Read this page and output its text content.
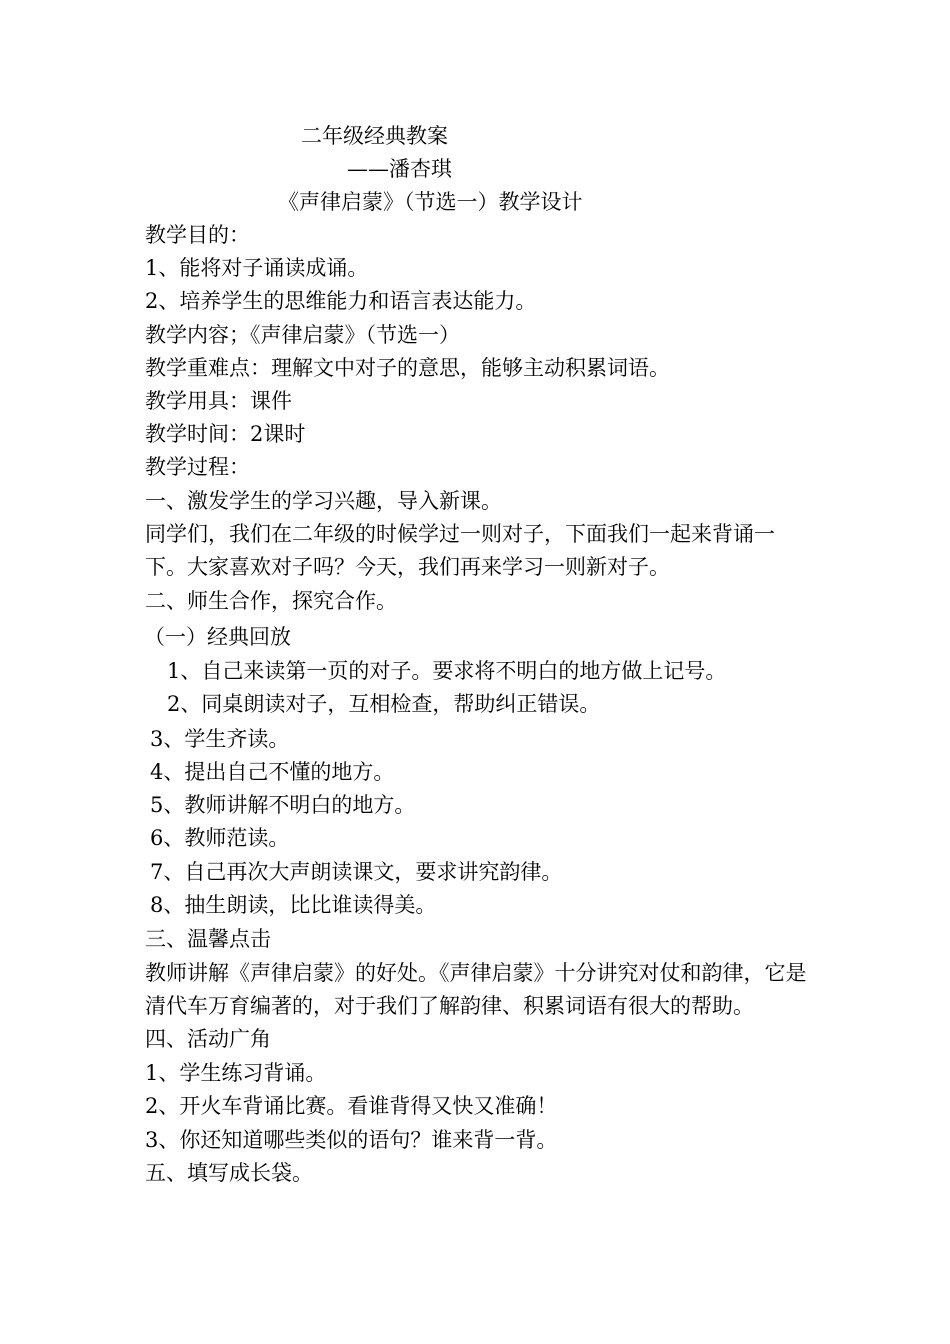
二年级经典教案
——潘杏琪
《声律启蒙》（节选一）教学设计
教学目的：
1、能将对子诵读成诵。
2、培养学生的思维能力和语言表达能力。
教学内容；《声律启蒙》（节选一）
教学重难点：理解文中对子的意思，能够主动积累词语。
教学用具：课件
教学时间：2课时
教学过程：
一、激发学生的学习兴趣，导入新课。
同学们，我们在二年级的时候学过一则对子，下面我们一起来背诵一
下。大家喜欢对子吗？今天，我们再来学习一则新对子。
二、师生合作，探究合作。
（一）经典回放
1、自己来读第一页的对子。要求将不明白的地方做上记号。
2、同桌朗读对子，互相检查，帮助纠正错误。
3、学生齐读。
4、提出自己不懂的地方。
5、教师讲解不明白的地方。
6、教师范读。
7、自己再次大声朗读课文，要求讲究韵律。
8、抽生朗读，比比谁读得美。
三、温馨点击
教师讲解《声律启蒙》的好处。《声律启蒙》十分讲究对仗和韵律，它是
清代车万育编著的，对于我们了解韵律、积累词语有很大的帮助。
四、活动广角
1、学生练习背诵。
2、开火车背诵比赛。看谁背得又快又准确！
3、你还知道哪些类似的语句？谁来背一背。
五、填写成长袋。
